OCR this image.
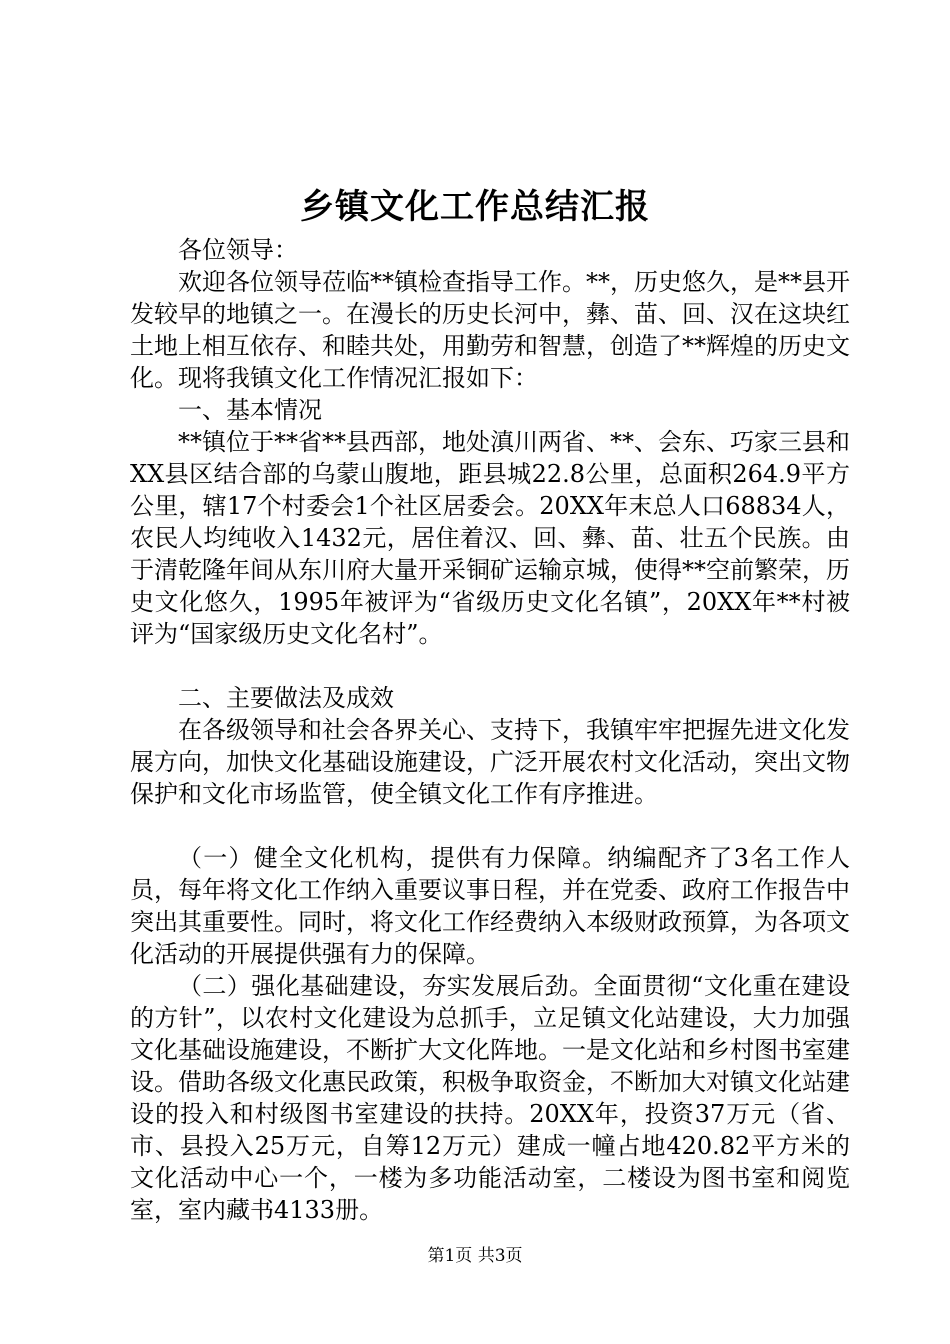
乡镇文化工作总结汇报

各位领导：

欢迎各位领导莅临**镇检查指导工作。**，历史悠久，是**县开发较早的地镇之一。在漫长的历史长河中，彝、苗、回、汉在这块红土地上相互依存、和睦共处，用勤劳和智慧，创造了**辉煌的历史文化。现将我镇文化工作情况汇报如下：

一、基本情况

**镇位于**省**县西部，地处滇川两省、**、会东、巧家三县和XX县区结合部的乌蒙山腹地，距县城22.8公里，总面积264.9平方公里，辖17个村委会1个社区居委会。20XX年末总人口68834人，农民人均纯收入1432元，居住着汉、回、彝、苗、壮五个民族。由于清乾隆年间从东川府大量开采铜矿运输京城，使得**空前繁荣，历史文化悠久，1995年被评为“省级历史文化名镇”，20XX年**村被评为“国家级历史文化名村”。

二、主要做法及成效

在各级领导和社会各界关心、支持下，我镇牢牢把握先进文化发展方向，加快文化基础设施建设，广泛开展农村文化活动，突出文物保护和文化市场监管，使全镇文化工作有序推进。

（一）健全文化机构，提供有力保障。纳编配齐了3名工作人员，每年将文化工作纳入重要议事日程，并在党委、政府工作报告中突出其重要性。同时，将文化工作经费纳入本级财政预算，为各项文化活动的开展提供强有力的保障。

（二）强化基础建设，夯实发展后劲。全面贯彻“文化重在建设的方针”，以农村文化建设为总抓手，立足镇文化站建设，大力加强文化基础设施建设，不断扩大文化阵地。一是文化站和乡村图书室建设。借助各级文化惠民政策，积极争取资金，不断加大对镇文化站建设的投入和村级图书室建设的扶持。20XX年，投资37万元（省、市、县投入25万元，自筹12万元）建成一幢占地420.82平方米的文化活动中心一个，一楼为多功能活动室，二楼设为图书室和阅览室，室内藏书4133册。

第1页 共3页
